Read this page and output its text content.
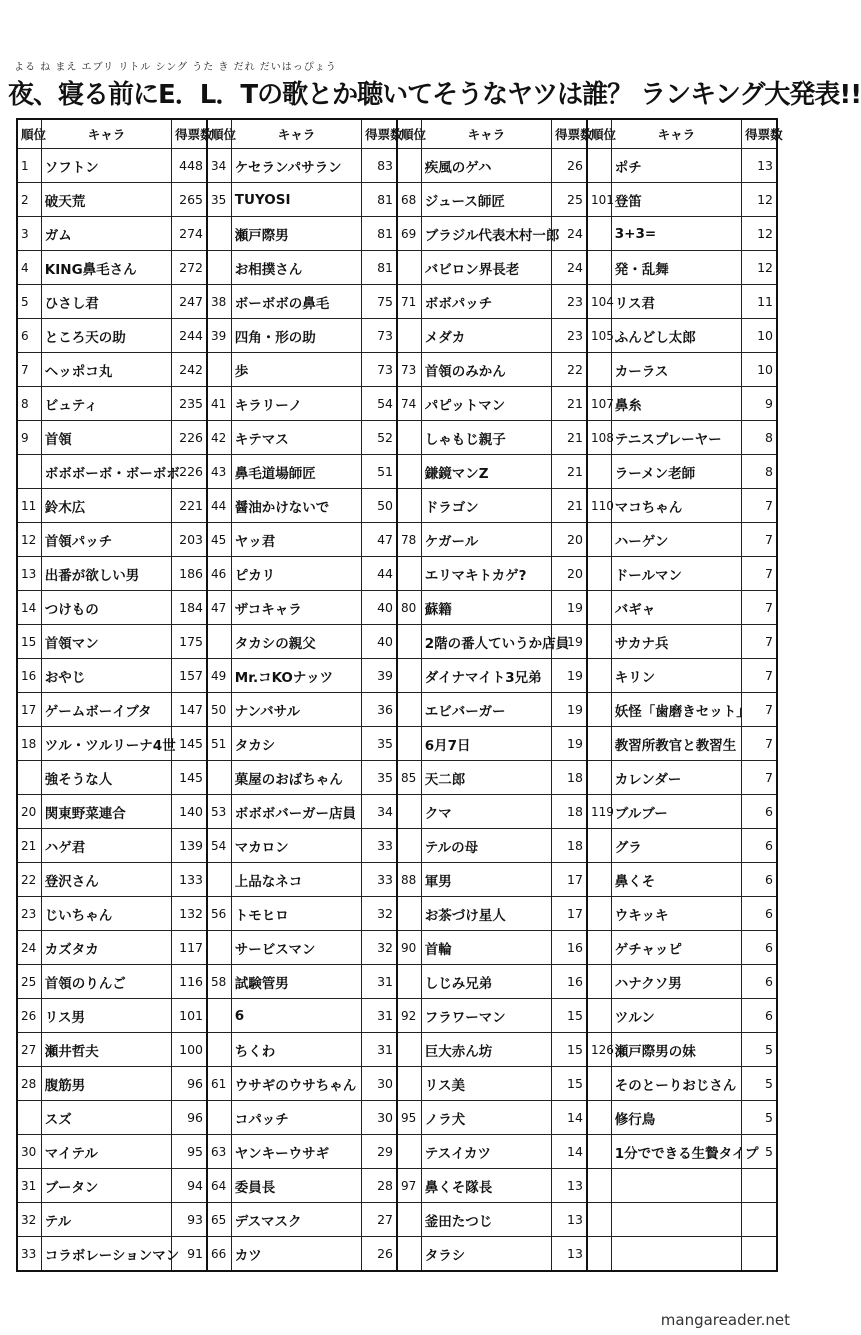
よる ね まえ エブリ リトル シング うた き だれ だいはっぴょう
夜、寝る前にE．L．Tの歌とか聴いてそうなヤツは誰？ ランキング大発表!!
順位	キャラ	得票数	順位	キャラ	得票数	順位	キャラ	得票数	順位	キャラ	得票数
1	ソフトン	448	34	ケセランパサラン	83		疾風のゲハ	26		ポチ	13
2	破天荒	265	35	TUYOSI	81	68	ジュース師匠	25	101	登笛	12
3	ガム	274		瀬戸際男	81	69	ブラジル代表木村一郎	24		3+3=	12
4	KING鼻毛さん	272		お相撲さん	81		バビロン界長老	24		発・乱舞	12
5	ひさし君	247	38	ボーボボの鼻毛	75	71	ボボパッチ	23	104	リス君	11
6	ところ天の助	244	39	四角・形の助	73		メダカ	23	105	ふんどし太郎	10
7	ヘッポコ丸	242		歩	73	73	首領のみかん	22		カーラス	10
8	ビュティ	235	41	キラリーノ	54	74	パピットマン	21	107	鼻糸	9
9	首領	226	42	キテマス	52		しゃもじ親子	21	108	テニスプレーヤー	8
	ボボボーボ・ボーボボ	226	43	鼻毛道場師匠	51		鎌鏡マンZ	21		ラーメン老師	8
11	鈴木広	221	44	醤油かけないで	50		ドラゴン	21	110	マコちゃん	7
12	首領パッチ	203	45	ヤッ君	47	78	ケガール	20		ハーゲン	7
13	出番が欲しい男	186	46	ピカリ	44		エリマキトカゲ?	20		ドールマン	7
14	つけもの	184	47	ザコキャラ	40	80	蘇籍	19		バギャ	7
15	首領マン	175		タカシの親父	40		2階の番人ていうか店員	19		サカナ兵	7
16	おやじ	157	49	Mr.コKOナッツ	39		ダイナマイト3兄弟	19		キリン	7
17	ゲームボーイブタ	147	50	ナンバサル	36		エビバーガー	19		妖怪「歯磨きセット」	7
18	ツル・ツルリーナ4世	145	51	タカシ	35		6月7日	19		教習所教官と教習生	7
	強そうな人	145		菓屋のおばちゃん	35	85	天二郎	18		カレンダー	7
20	関東野菜連合	140	53	ボボボバーガー店員	34		クマ	18	119	ブルブー	6
21	ハゲ君	139	54	マカロン	33		テルの母	18		グラ	6
22	登沢さん	133		上品なネコ	33	88	軍男	17		鼻くそ	6
23	じいちゃん	132	56	トモヒロ	32		お茶づけ星人	17		ウキッキ	6
24	カズタカ	117		サービスマン	32	90	首輪	16		ゲチャッピ	6
25	首領のりんご	116	58	試験管男	31		しじみ兄弟	16		ハナクソ男	6
26	リス男	101		6	31	92	フラワーマン	15		ツルン	6
27	瀬井哲夫	100		ちくわ	31		巨大赤ん坊	15	126	瀬戸際男の妹	5
28	腹筋男	96	61	ウサギのウサちゃん	30		リス美	15		そのとーりおじさん	5
	スズ	96		コパッチ	30	95	ノラ犬	14		修行鳥	5
30	マイテル	95	63	ヤンキーウサギ	29		テスイカツ	14		1分でできる生贄タイプ	5
31	ブータン	94	64	委員長	28	97	鼻くそ隊長	13			
32	テル	93	65	デスマスク	27		釜田たつじ	13			
33	コラボレーションマン	91	66	カツ	26		タラシ	13			
mangareader.net
